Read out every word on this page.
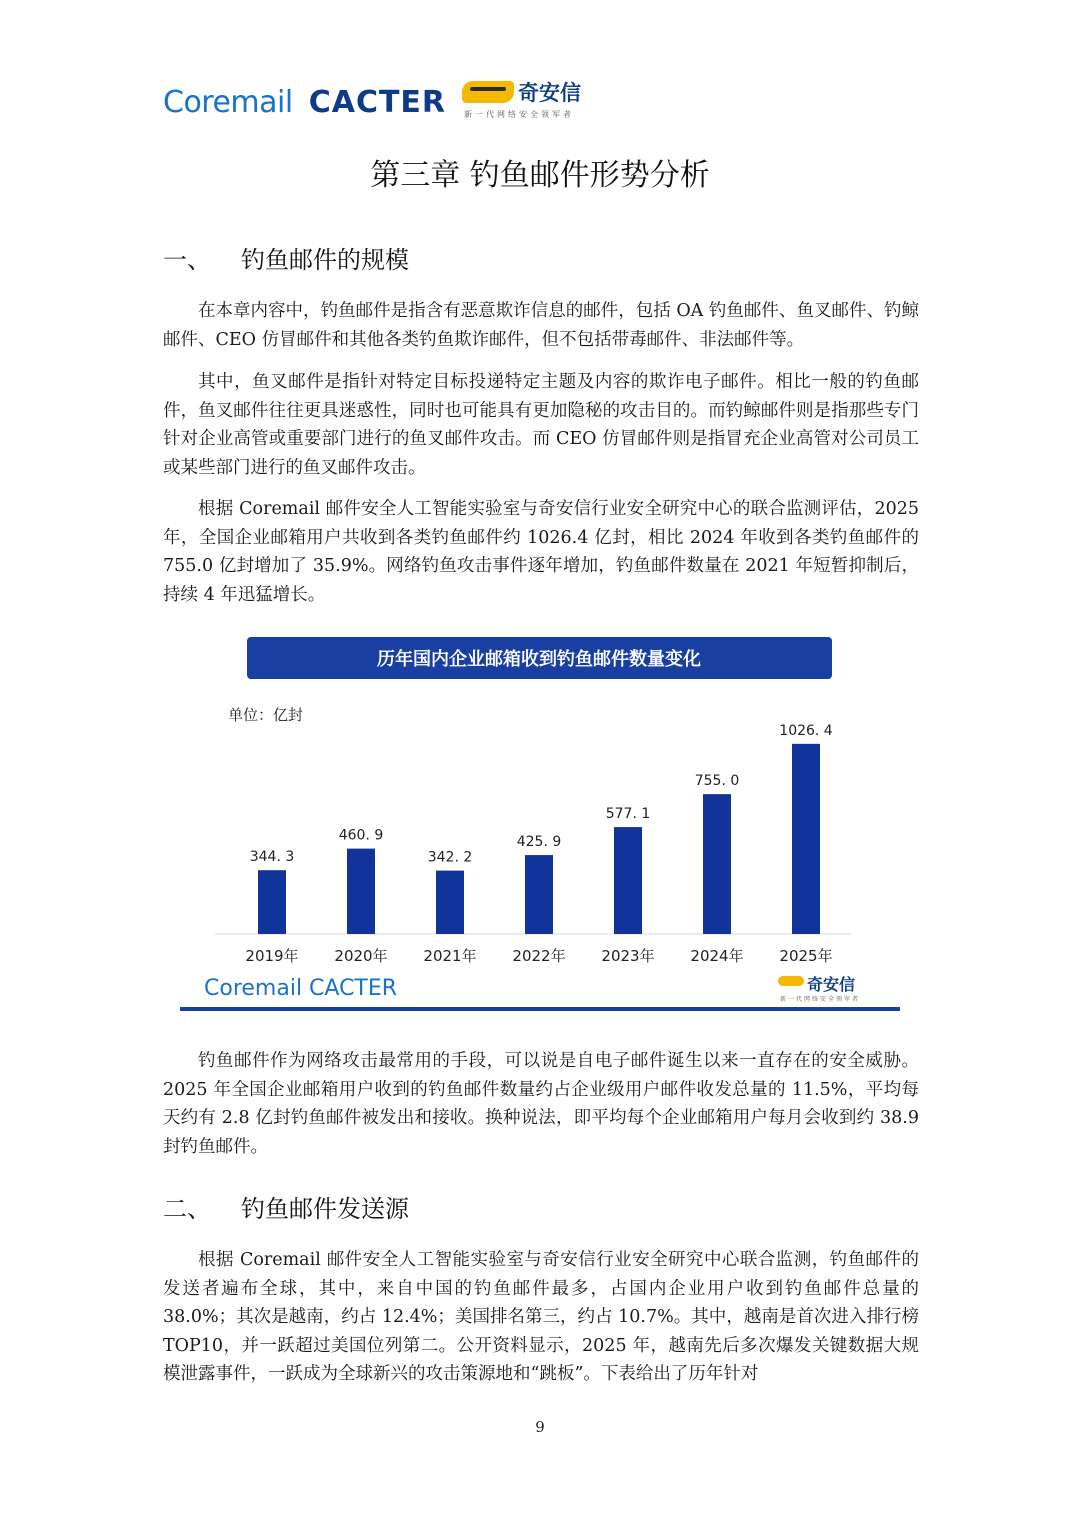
Coremail CACTER	奇安信
新一代网络安全领军者
第三章 钓鱼邮件形势分析
一、	钓鱼邮件的规模

在本章内容中，钓鱼邮件是指含有恶意欺诈信息的邮件，包括 OA 钓鱼邮件、鱼叉邮件、钓鲸邮件、CEO 仿冒邮件和其他各类钓鱼欺诈邮件，但不包括带毒邮件、非法邮件等。

其中，鱼叉邮件是指针对特定目标投递特定主题及内容的欺诈电子邮件。相比一般的钓鱼邮件，鱼叉邮件往往更具迷惑性，同时也可能具有更加隐秘的攻击目的。而钓鲸邮件则是指那些专门针对企业高管或重要部门进行的鱼叉邮件攻击。而 CEO 仿冒邮件则是指冒充企业高管对公司员工或某些部门进行的鱼叉邮件攻击。

根据 Coremail 邮件安全人工智能实验室与奇安信行业安全研究中心的联合监测评估，2025 年，全国企业邮箱用户共收到各类钓鱼邮件约 1026.4 亿封，相比 2024 年收到各类钓鱼邮件的 755.0 亿封增加了 35.9%。网络钓鱼攻击事件逐年增加，钓鱼邮件数量在 2021 年短暂抑制后，持续 4 年迅猛增长。

历年国内企业邮箱收到钓鱼邮件数量变化
单位：亿封
344. 3
2019年
460. 9
2020年
342. 2
2021年
425. 9
2022年
577. 1
2023年
755. 0
2024年
1026. 4
2025年
Coremail CACTER	奇安信
新一代网络安全领军者

钓鱼邮件作为网络攻击最常用的手段，可以说是自电子邮件诞生以来一直存在的安全威胁。2025 年全国企业邮箱用户收到的钓鱼邮件数量约占企业级用户邮件收发总量的 11.5%，平均每天约有 2.8 亿封钓鱼邮件被发出和接收。换种说法，即平均每个企业邮箱用户每月会收到约 38.9 封钓鱼邮件。

二、	钓鱼邮件发送源

根据 Coremail 邮件安全人工智能实验室与奇安信行业安全研究中心联合监测，钓鱼邮件的发送者遍布全球，其中，来自中国的钓鱼邮件最多，占国内企业用户收到钓鱼邮件总量的 38.0%；其次是越南，约占 12.4%；美国排名第三，约占 10.7%。其中，越南是首次进入排行榜 TOP10，并一跃超过美国位列第二。公开资料显示，2025 年，越南先后多次爆发关键数据大规模泄露事件，一跃成为全球新兴的攻击策源地和“跳板”。下表给出了历年针对

9
